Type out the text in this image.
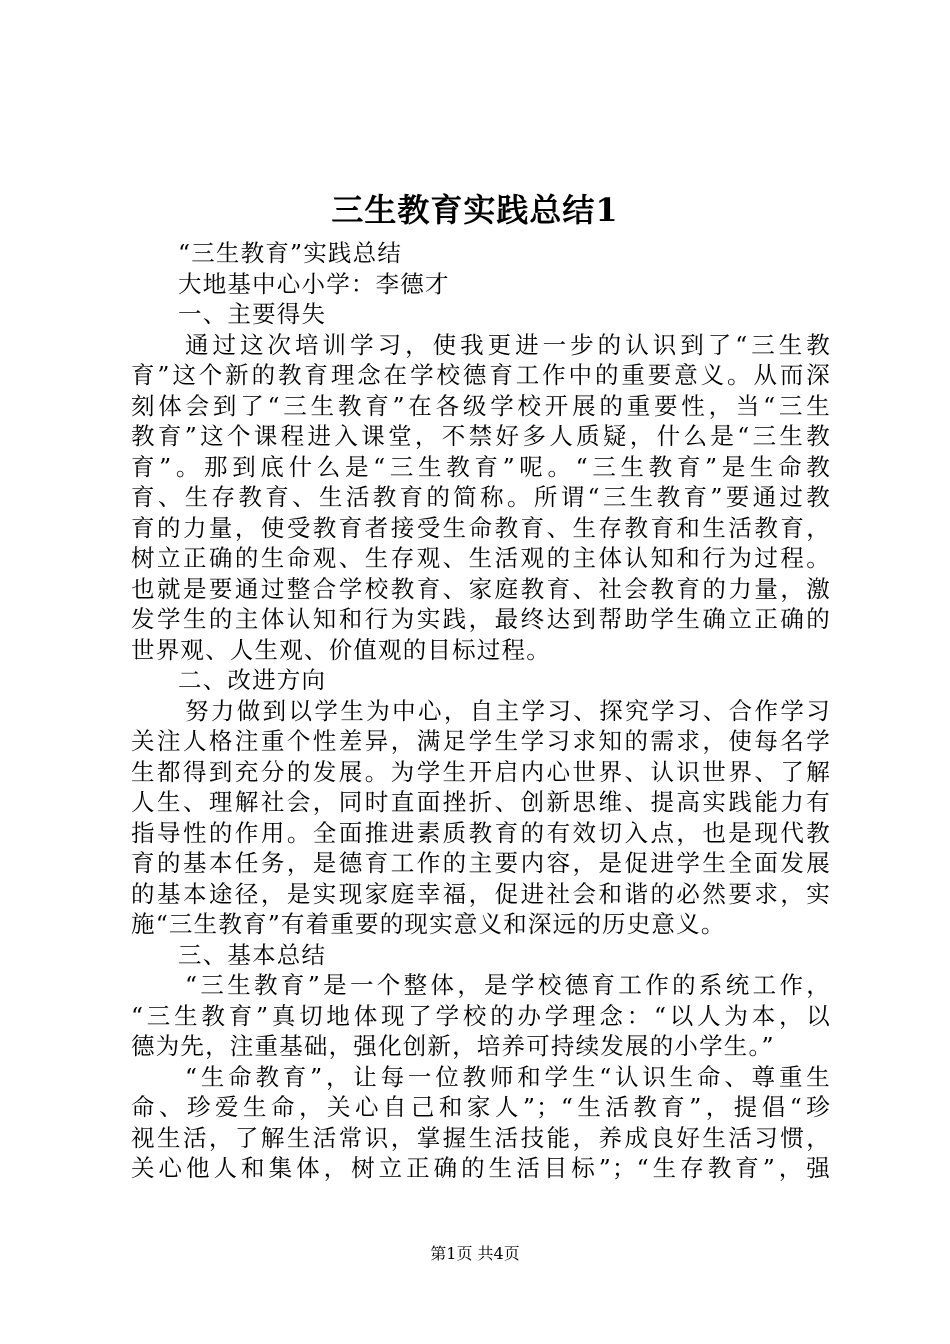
三生教育实践总结1
“三生教育”实践总结
大地基中心小学：李德才
一、主要得失
通过这次培训学习，使我更进一步的认识到了“三生教
育”这个新的教育理念在学校德育工作中的重要意义。从而深
刻体会到了“三生教育”在各级学校开展的重要性，当“三生
教育”这个课程进入课堂，不禁好多人质疑，什么是“三生教
育”。那到底什么是“三生教育”呢。“三生教育”是生命教
育、生存教育、生活教育的简称。所谓“三生教育”要通过教
育的力量，使受教育者接受生命教育、生存教育和生活教育，
树立正确的生命观、生存观、生活观的主体认知和行为过程。
也就是要通过整合学校教育、家庭教育、社会教育的力量，激
发学生的主体认知和行为实践，最终达到帮助学生确立正确的
世界观、人生观、价值观的目标过程。
二、改进方向
努力做到以学生为中心，自主学习、探究学习、合作学习
关注人格注重个性差异，满足学生学习求知的需求，使每名学
生都得到充分的发展。为学生开启内心世界、认识世界、了解
人生、理解社会，同时直面挫折、创新思维、提高实践能力有
指导性的作用。全面推进素质教育的有效切入点，也是现代教
育的基本任务，是德育工作的主要内容，是促进学生全面发展
的基本途径，是实现家庭幸福，促进社会和谐的必然要求，实
施“三生教育”有着重要的现实意义和深远的历史意义。
三、基本总结
“三生教育”是一个整体，是学校德育工作的系统工作，
“三生教育”真切地体现了学校的办学理念：“以人为本，以
德为先，注重基础，强化创新，培养可持续发展的小学生。”
“生命教育”，让每一位教师和学生“认识生命、尊重生
命、珍爱生命，关心自己和家人”；“生活教育”，提倡“珍
视生活，了解生活常识，掌握生活技能，养成良好生活习惯，
关心他人和集体，树立正确的生活目标”；“生存教育”，强
第1页 共4页
